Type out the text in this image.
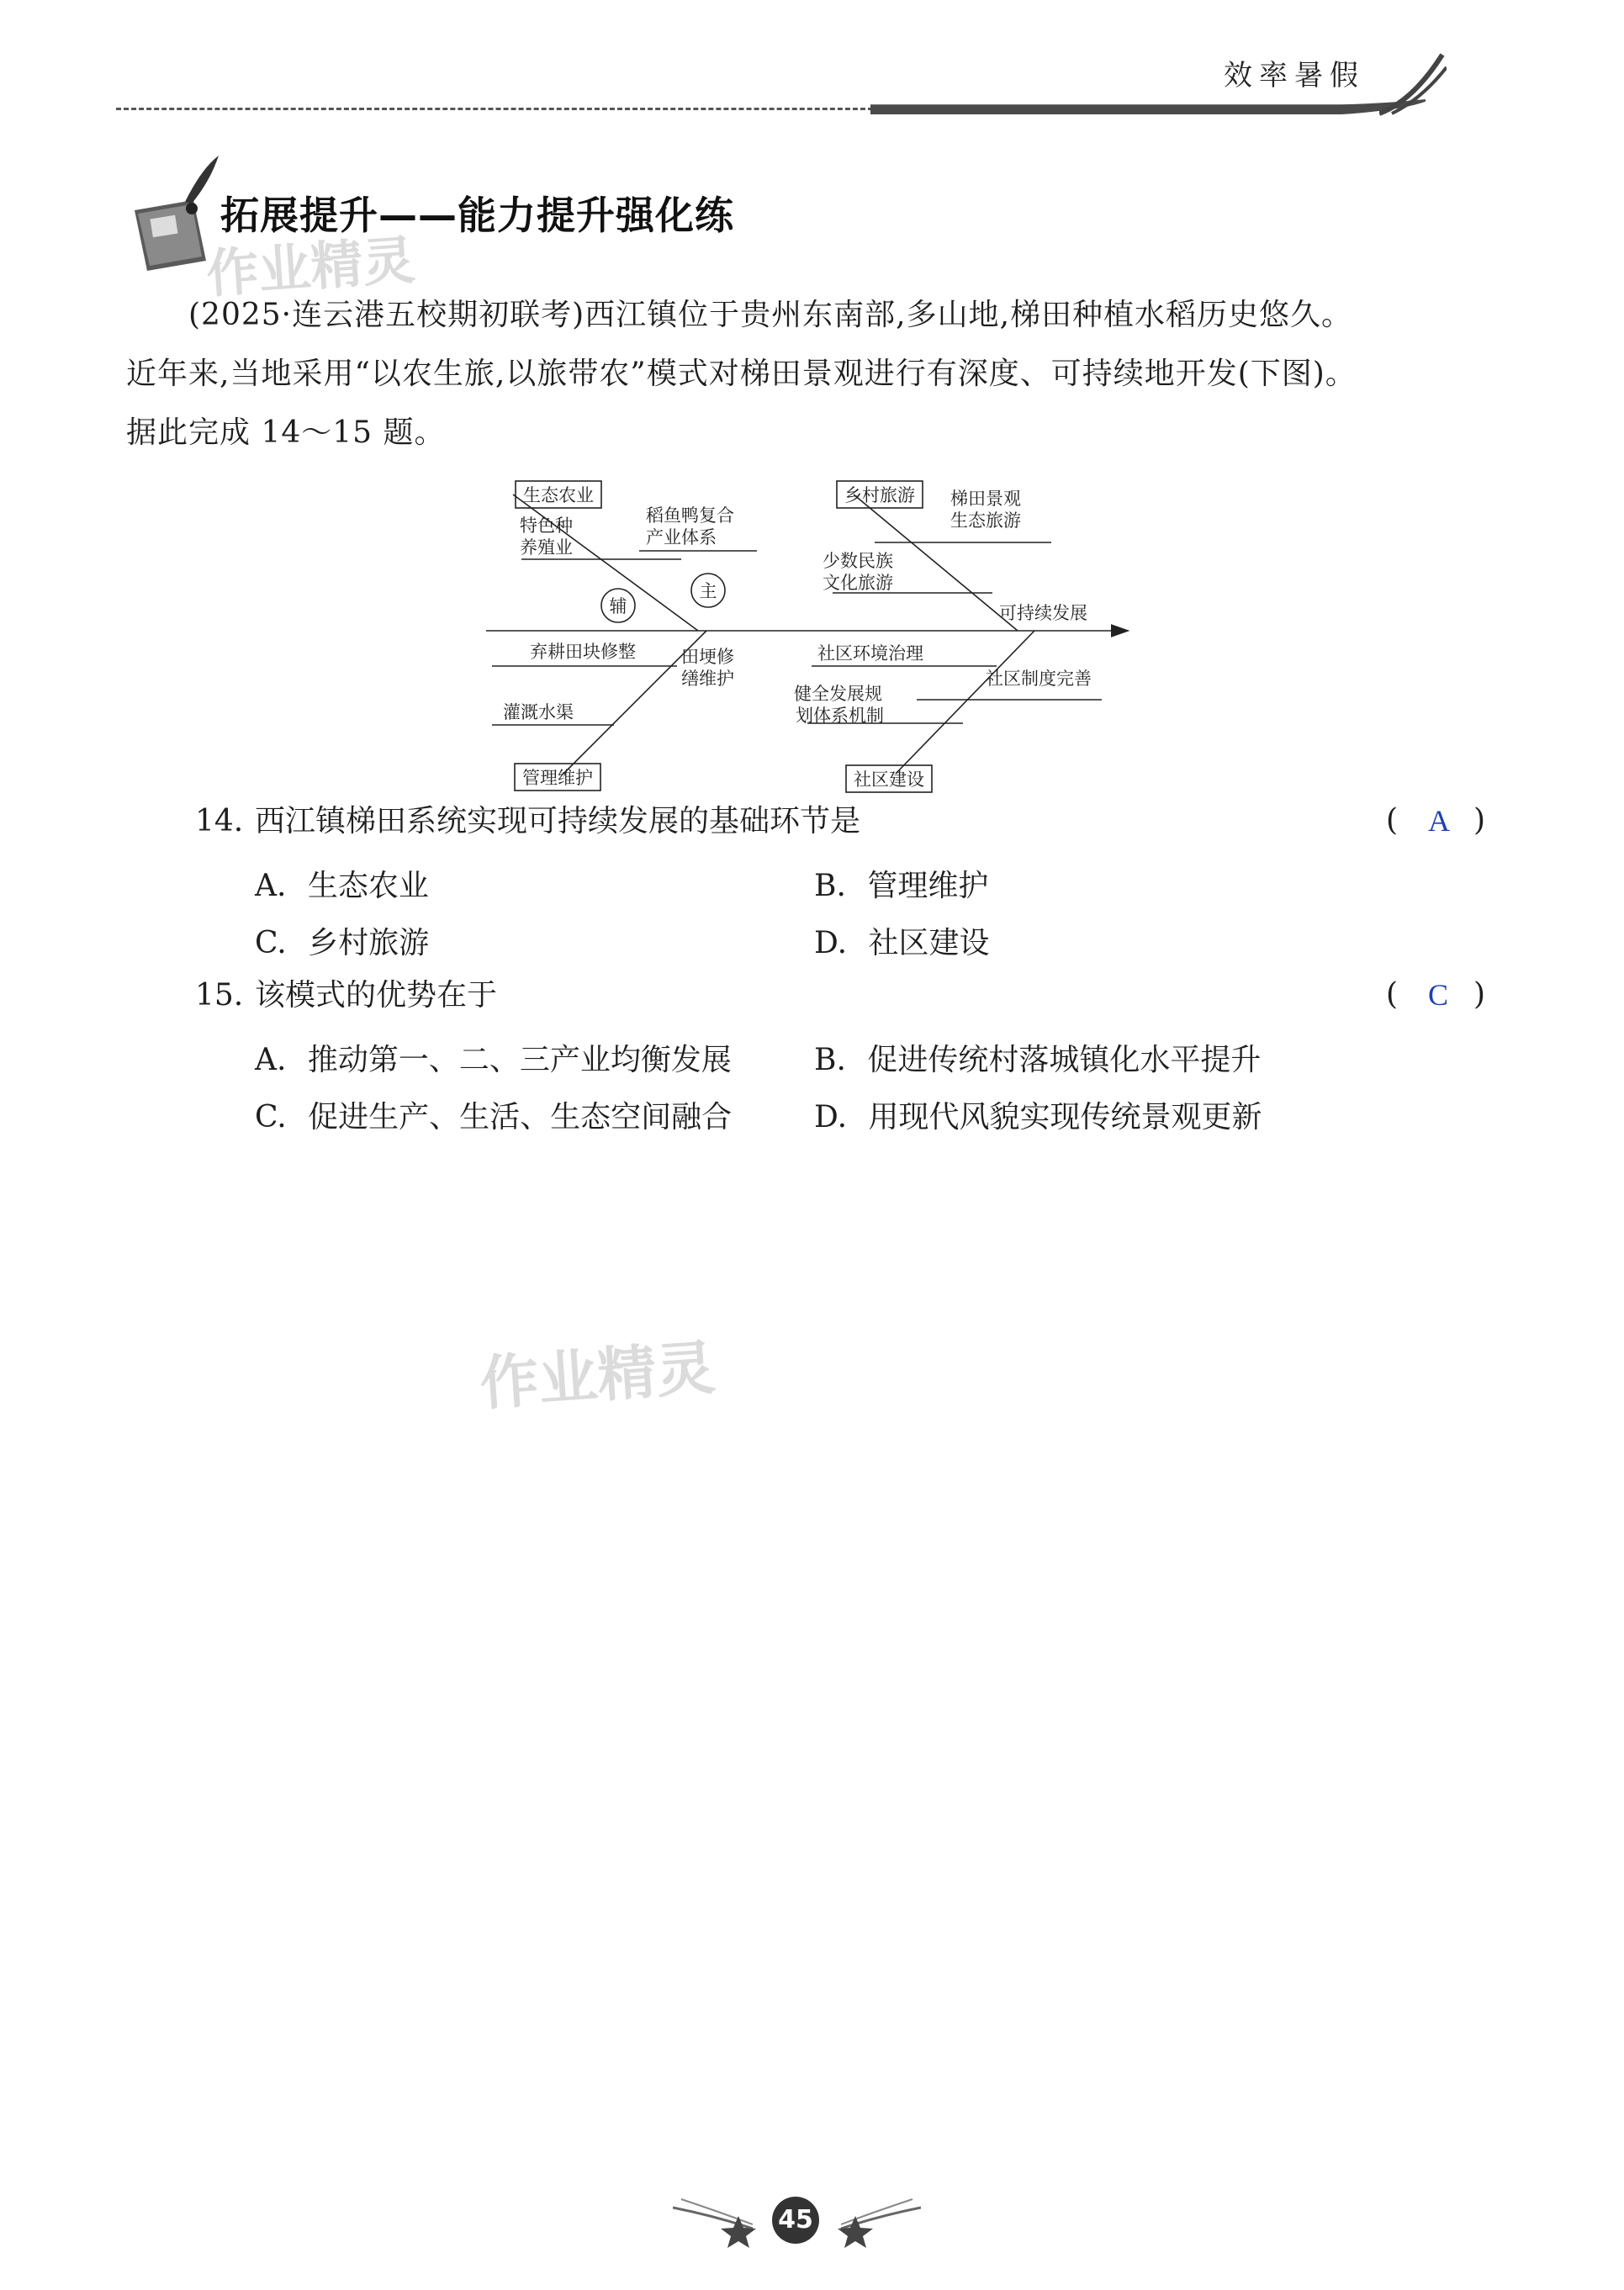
效率暑假
拓展提升——能力提升强化练
作业精灵
(2025·连云港五校期初联考)西江镇位于贵州东南部,多山地,梯田种植水稻历史悠久。
近年来,当地采用“以农生旅,以旅带农”模式对梯田景观进行有深度、可持续地开发(下图)。
据此完成 14～15 题。
生态农业	乡村旅游
管理维护	社区建设
特色种
养殖业
稻鱼鸭复合
产业体系
梯田景观
生态旅游
少数民族
文化旅游
可持续发展
弃耕田块修整	田埂修
缮维护
社区环境治理
健全发展规
划体系机制
社区制度完善
灌溉水渠
辅
主
14. 西江镇梯田系统实现可持续发展的基础环节是	( A )
A. 生态农业	B. 管理维护
C. 乡村旅游	D. 社区建设
15. 该模式的优势在于	( C )
A. 推动第一、二、三产业均衡发展	B. 促进传统村落城镇化水平提升
C. 促进生产、生活、生态空间融合	D. 用现代风貌实现传统景观更新
作业精灵
45
